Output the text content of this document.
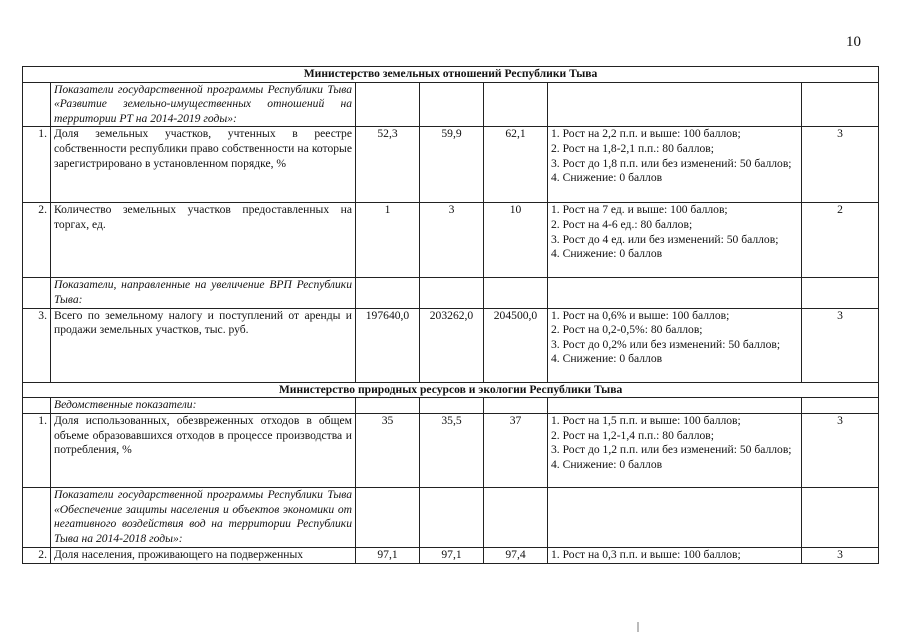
10
Министерство земельных отношений Республики Тыва						
	Показатели государственной программы Республики Тыва «Развитие земельно-имущественных отношений на территории РТ на 2014-2019 годы»:					
1.	Доля земельных участков, учтенных в реестре собственности республики право собственности на которые зарегистрировано в установленном порядке, %	52,3	59,9	62,1	1. Рост на 2,2 п.п. и выше: 100 баллов;
2. Рост на 1,8-2,1 п.п.: 80 баллов;
3. Рост до 1,8 п.п. или без изменений: 50 баллов;
4. Снижение: 0 баллов	3
2.	Количество земельных участков предоставленных на торгах, ед.	1	3	10	1. Рост на 7 ед. и выше: 100 баллов;
2. Рост на 4-6 ед.: 80 баллов;
3. Рост до 4 ед. или без изменений: 50 баллов;
4. Снижение: 0 баллов	2
	Показатели, направленные на увеличение ВРП Республики Тыва:					
3.	Всего по земельному налогу и поступлений от аренды и продажи земельных участков, тыс. руб.	197640,0	203262,0	204500,0	1. Рост на 0,6% и выше: 100 баллов;
2. Рост на 0,2-0,5%: 80 баллов;
3. Рост до 0,2% или без изменений: 50 баллов;
4. Снижение: 0 баллов	3
Министерство природных ресурсов и экологии Республики Тыва						
	Ведомственные показатели:					
1.	Доля использованных, обезвреженных отходов в общем объеме образовавшихся отходов в процессе производства и потребления, %	35	35,5	37	1. Рост на 1,5 п.п. и выше: 100 баллов;
2. Рост на 1,2-1,4 п.п.: 80 баллов;
3. Рост до 1,2 п.п. или без изменений: 50 баллов;
4. Снижение: 0 баллов	3
	Показатели государственной программы Республики Тыва «Обеспечение защиты населения и объектов экономики от негативного воздействия вод на территории Республики Тыва на 2014-2018 годы»:					
2.	Доля населения, проживающего на подверженных	97,1	97,1	97,4	1. Рост на 0,3 п.п. и выше: 100 баллов;	3
